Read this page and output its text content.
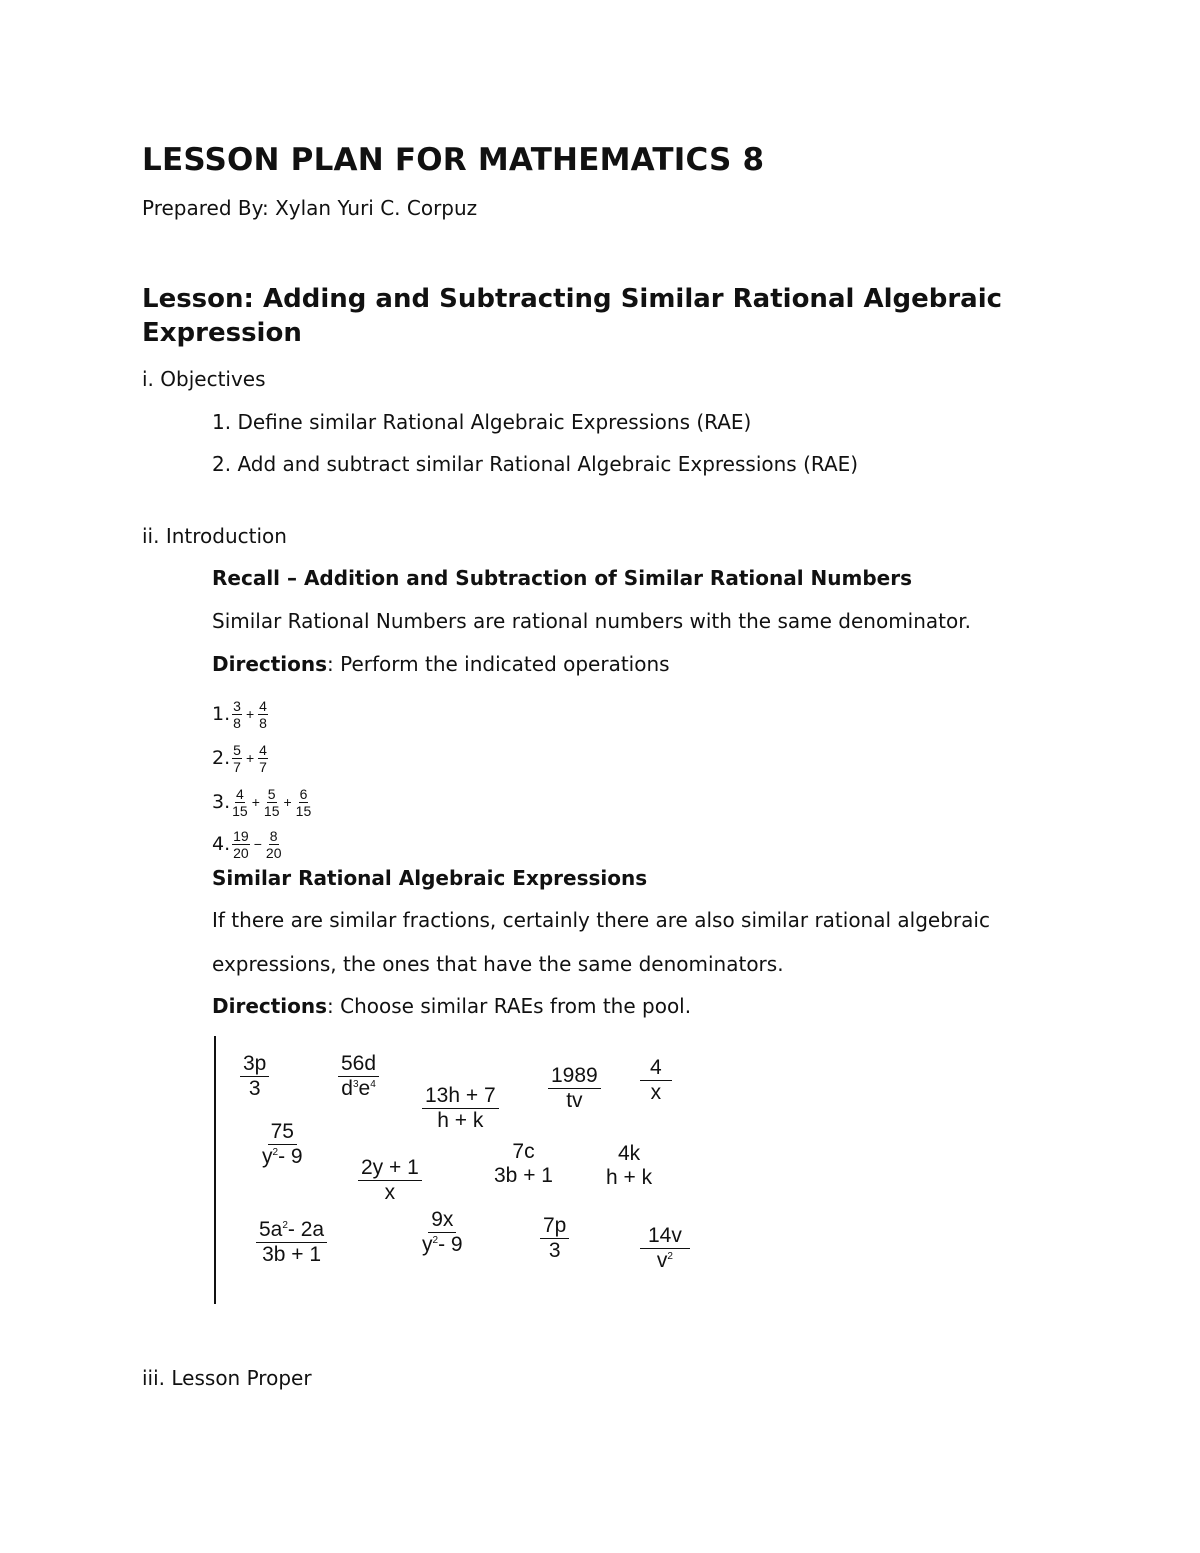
LESSON PLAN FOR MATHEMATICS 8
Prepared By: Xylan Yuri C. Corpuz
Lesson: Adding and Subtracting Similar Rational Algebraic Expression
i. Objectives
1. Define similar Rational Algebraic Expressions (RAE)
2. Add and subtract similar Rational Algebraic Expressions (RAE)
ii. Introduction
Recall – Addition and Subtraction of Similar Rational Numbers
Similar Rational Numbers are rational numbers with the same denominator.
Directions: Perform the indicated operations
1. $\frac{3}{8} + \frac{4}{8}$
2. $\frac{5}{7} + \frac{4}{7}$
3. $\frac{4}{15} + \frac{5}{15} + \frac{6}{15}$
4. $\frac{19}{20} - \frac{8}{20}$
Similar Rational Algebraic Expressions
If there are similar fractions, certainly there are also similar rational algebraic
expressions, the ones that have the same denominators.
Directions: Choose similar RAEs from the pool.
$\frac{3p}{3}$	$\frac{56d}{d^3e^4}$
$\frac{13h + 7}{h + k} \frac{1989}{tv} \frac{4}{x}$
$\frac{75}{y^2- 9}$
$\frac{2y + 1}{x}$
7c
3b + 1
4k
h + k
$\frac{5a^2- 2a}{3b + 1}$	$\frac{9x}{y^2- 9}$	$\frac{7p}{3}$	$\frac{14v}{v^2}$
iii. Lesson Proper
